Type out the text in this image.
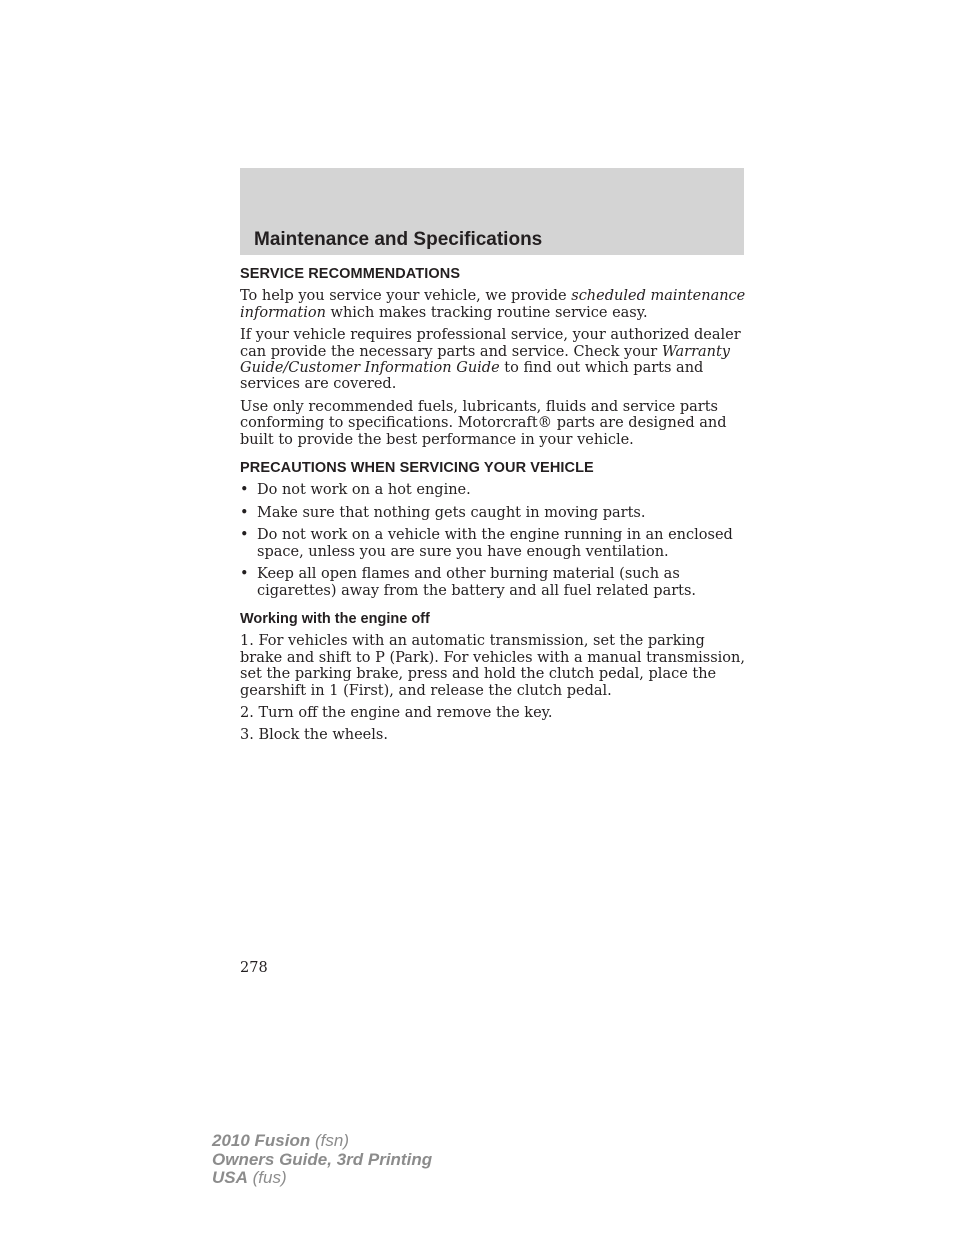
Maintenance and Specifications
SERVICE RECOMMENDATIONS

To help you service your vehicle, we provide scheduled maintenance information which makes tracking routine service easy.

If your vehicle requires professional service, your authorized dealer can provide the necessary parts and service. Check your Warranty Guide/Customer Information Guide to find out which parts and services are covered.

Use only recommended fuels, lubricants, fluids and service parts conforming to specifications. Motorcraft® parts are designed and built to provide the best performance in your vehicle.

PRECAUTIONS WHEN SERVICING YOUR VEHICLE
• Do not work on a hot engine.
• Make sure that nothing gets caught in moving parts.
• Do not work on a vehicle with the engine running in an enclosed space, unless you are sure you have enough ventilation.
• Keep all open flames and other burning material (such as cigarettes) away from the battery and all fuel related parts.
Working with the engine off

1. For vehicles with an automatic transmission, set the parking brake and shift to P (Park). For vehicles with a manual transmission, set the parking brake, press and hold the clutch pedal, place the gearshift in 1 (First), and release the clutch pedal.

2. Turn off the engine and remove the key.

3. Block the wheels.

278
2010 Fusion (fsn)
Owners Guide, 3rd Printing
USA (fus)
